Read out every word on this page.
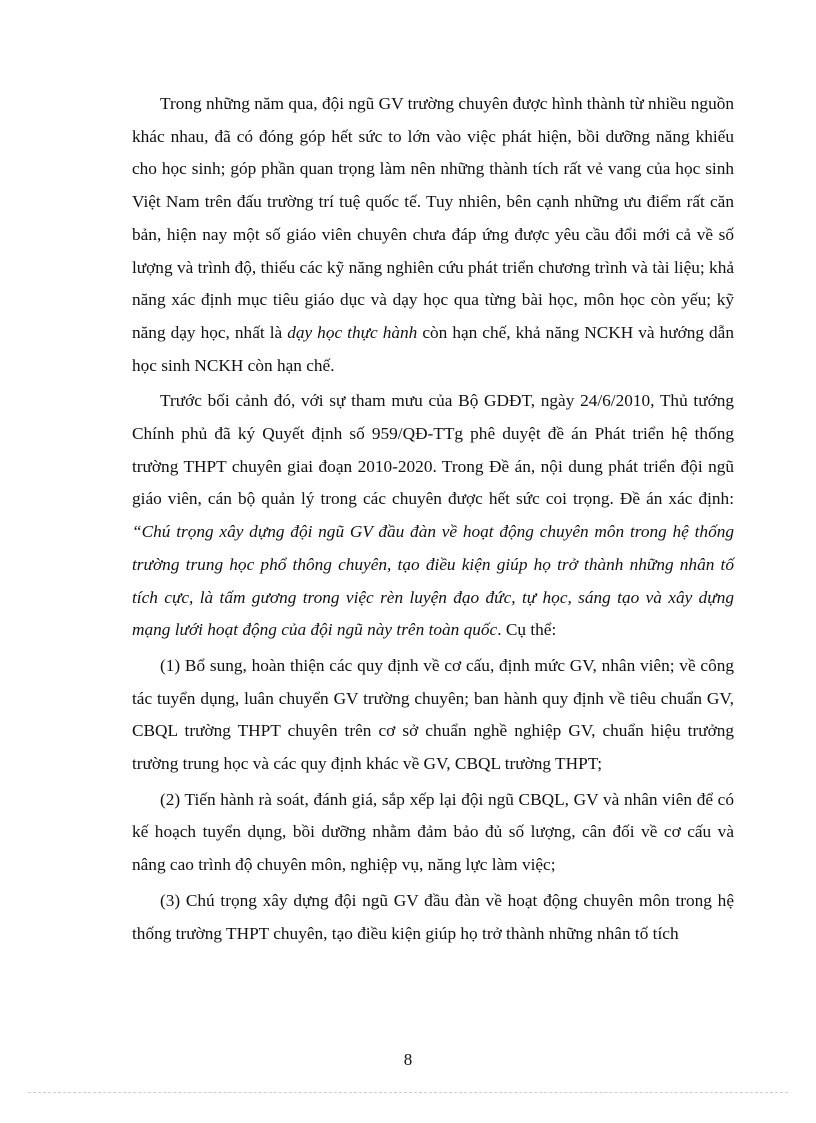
Trong những năm qua, đội ngũ GV trường chuyên được hình thành từ nhiều nguồn khác nhau, đã có đóng góp hết sức to lớn vào việc phát hiện, bồi dưỡng năng khiếu cho học sinh; góp phần quan trọng làm nên những thành tích rất vẻ vang của học sinh Việt Nam trên đấu trường trí tuệ quốc tế. Tuy nhiên, bên cạnh những ưu điểm rất căn bản, hiện nay một số giáo viên chuyên chưa đáp ứng được yêu cầu đổi mới cả về số lượng và trình độ, thiếu các kỹ năng nghiên cứu phát triển chương trình và tài liệu; khả năng xác định mục tiêu giáo dục và dạy học qua từng bài học, môn học còn yếu; kỹ năng dạy học, nhất là dạy học thực hành còn hạn chế, khả năng NCKH và hướng dẫn học sinh NCKH còn hạn chế.

Trước bối cảnh đó, với sự tham mưu của Bộ GDĐT, ngày 24/6/2010, Thủ tướng Chính phủ đã ký Quyết định số 959/QĐ-TTg phê duyệt đề án Phát triển hệ thống trường THPT chuyên giai đoạn 2010-2020. Trong Đề án, nội dung phát triển đội ngũ giáo viên, cán bộ quản lý trong các chuyên được hết sức coi trọng. Đề án xác định: “Chú trọng xây dựng đội ngũ GV đầu đàn về hoạt động chuyên môn trong hệ thống trường trung học phổ thông chuyên, tạo điều kiện giúp họ trở thành những nhân tố tích cực, là tấm gương trong việc rèn luyện đạo đức, tự học, sáng tạo và xây dựng mạng lưới hoạt động của đội ngũ này trên toàn quốc. Cụ thể:

(1) Bổ sung, hoàn thiện các quy định về cơ cấu, định mức GV, nhân viên; về công tác tuyển dụng, luân chuyển GV trường chuyên; ban hành quy định về tiêu chuẩn GV, CBQL trường THPT chuyên trên cơ sở chuẩn nghề nghiệp GV, chuẩn hiệu trưởng trường trung học và các quy định khác về GV, CBQL trường THPT;

(2) Tiến hành rà soát, đánh giá, sắp xếp lại đội ngũ CBQL, GV và nhân viên để có kế hoạch tuyển dụng, bồi dưỡng nhằm đảm bảo đủ số lượng, cân đối về cơ cấu và nâng cao trình độ chuyên môn, nghiệp vụ, năng lực làm việc;

(3) Chú trọng xây dựng đội ngũ GV đầu đàn về hoạt động chuyên môn trong hệ thống trường THPT chuyên, tạo điều kiện giúp họ trở thành những nhân tố tích

8
